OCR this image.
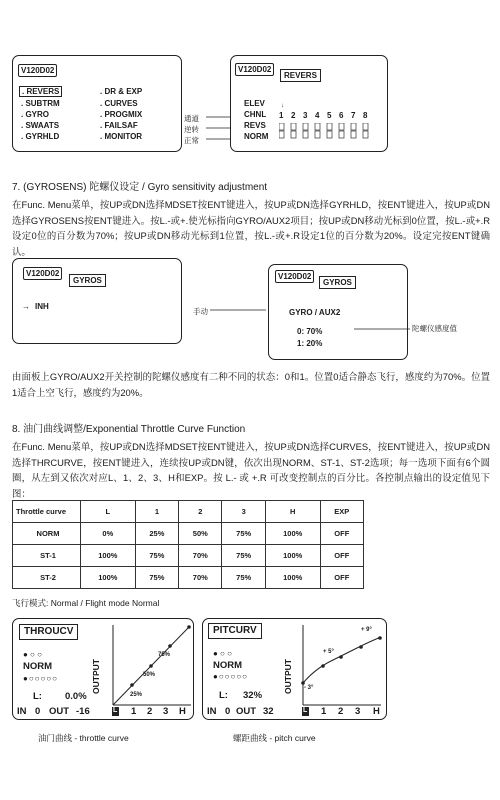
V120D02
. REVERS
. SUBTRM
. GYRO
. SWAATS
. GYRHLD
. DR & EXP
. CURVES
. PROGMIX
. FAILSAF
. MONITOR
通道
逆转
正常
V120D02
REVERS
ELEV
CHNL
REVS
NORM
↓
1 2 3 4 5 6 7 8
7. (GYROSENS) 陀螺仪设定 / Gyro sensitivity adjustment
在Func. Menu菜单，按UP或DN选择MDSET按ENT键进入，按UP或DN选择GYRHLD，按ENT键进入，按UP或DN选择GYROSENS按ENT键进入。按L.-或+.使光标指向GYRO/AUX2项目；按UP或DN移动光标到0位置，按L.-或+.R设定0位的百分数为70%；按UP或DN移动光标到1位置，按L.-或+.R设定1位的百分数为20%。设定完按ENT键确认。
V120D02
GYROS
→ INH
手动
V120D02
GYROS
GYRO / AUX2
0: 70%
1: 20%
陀螺仪感度值
由面板上GYRO/AUX2开关控制的陀螺仪感度有二种不同的状态：0和1。位置0适合静态飞行，感度约为70%。位置1适合上空飞行，感度约为20%。
8. 油门曲线调整/Exponential Throttle Curve Function
在Func. Menu菜单，按UP或DN选择MDSET按ENT键进入，按UP或DN选择CURVES，按ENT键进入，按UP或DN选择THRCURVE，按ENT键进入，连续按UP或DN键，依次出现NORM、ST-1、ST-2选项；每一选项下面有6个圆圈，从左到又依次对应L、1、2、3、H和EXP。按 L.- 或 +.R 可改变控制点的百分比。各控制点输出的设定值见下图：
Throttle curve	L	1	2	3	H	EXP
NORM	0%	25%	50%	75%	100%	OFF
ST-1	100%	75%	70%	75%	100%	OFF
ST-2	100%	75%	70%	75%	100%	OFF
飞行模式: Normal / Flight mode Normal
THROUCV
● ○ ○
NORM
●○○○○○
L: 0.0%
IN 0 OUT -16
OUTPUT
75%
50%
25%
L 1 2 3 H
油门曲线 - throttle curve
PITCURV
● ○ ○
NORM
●○○○○○
L: 32%
IN 0 OUT 32
OUTPUT
+ 9°
+ 5°
- 3°
L 1 2 3 H
螺距曲线 - pitch curve
